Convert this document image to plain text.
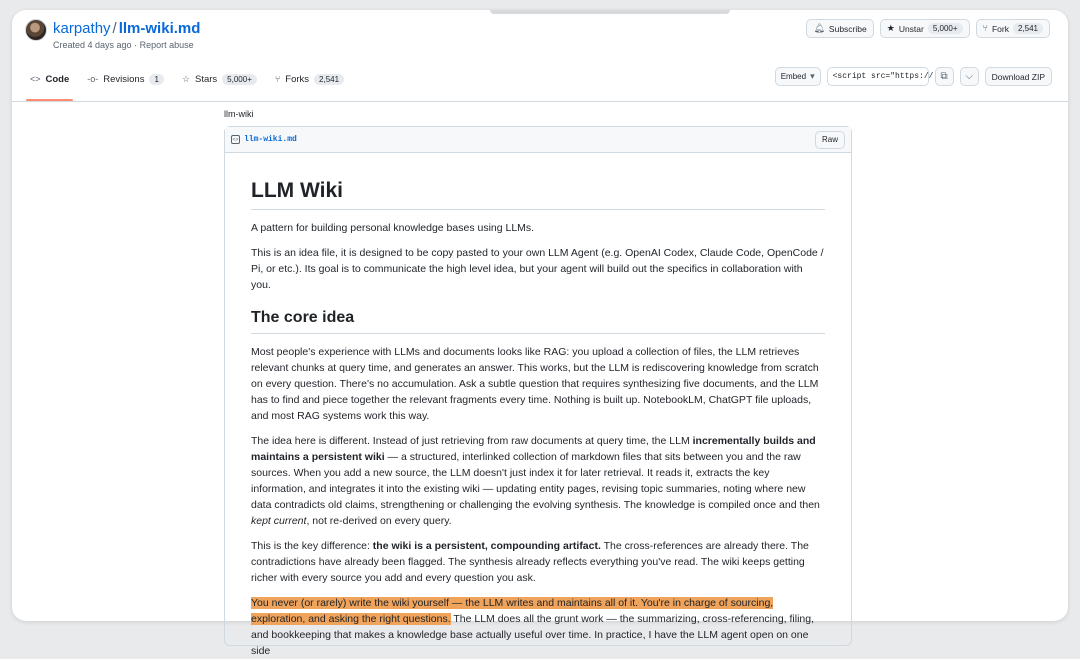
karpathy / llm-wiki.md
Created 4 days ago · Report abuse
🔔︎ Subscribe ★ Unstar	5,000+	⑂ Fork	2,541
<> Code -o- Revisions	1	☆ Stars	5,000+	⑂ Forks	2,541	Embed ▾	<script src="https:// ⧉ ⌵ Download ZIP
llm-wiki
<> llm-wiki.md	Raw
LLM Wiki

A pattern for building personal knowledge bases using LLMs.

This is an idea file, it is designed to be copy pasted to your own LLM Agent (e.g. OpenAI Codex, Claude Code, OpenCode / Pi, or etc.). Its goal is to communicate the high level idea, but your agent will build out the specifics in collaboration with you.

The core idea

Most people's experience with LLMs and documents looks like RAG: you upload a collection of files, the LLM retrieves relevant chunks at query time, and generates an answer. This works, but the LLM is rediscovering knowledge from scratch on every question. There's no accumulation. Ask a subtle question that requires synthesizing five documents, and the LLM has to find and piece together the relevant fragments every time. Nothing is built up. NotebookLM, ChatGPT file uploads, and most RAG systems work this way.

The idea here is different. Instead of just retrieving from raw documents at query time, the LLM incrementally builds and maintains a persistent wiki — a structured, interlinked collection of markdown files that sits between you and the raw sources. When you add a new source, the LLM doesn't just index it for later retrieval. It reads it, extracts the key information, and integrates it into the existing wiki — updating entity pages, revising topic summaries, noting where new data contradicts old claims, strengthening or challenging the evolving synthesis. The knowledge is compiled once and then kept current, not re-derived on every query.

This is the key difference: the wiki is a persistent, compounding artifact. The cross-references are already there. The contradictions have already been flagged. The synthesis already reflects everything you've read. The wiki keeps getting richer with every source you add and every question you ask.

You never (or rarely) write the wiki yourself — the LLM writes and maintains all of it. You're in charge of sourcing, exploration, and asking the right questions. The LLM does all the grunt work — the summarizing, cross-referencing, filing, and bookkeeping that makes a knowledge base actually useful over time. In practice, I have the LLM agent open on one side
